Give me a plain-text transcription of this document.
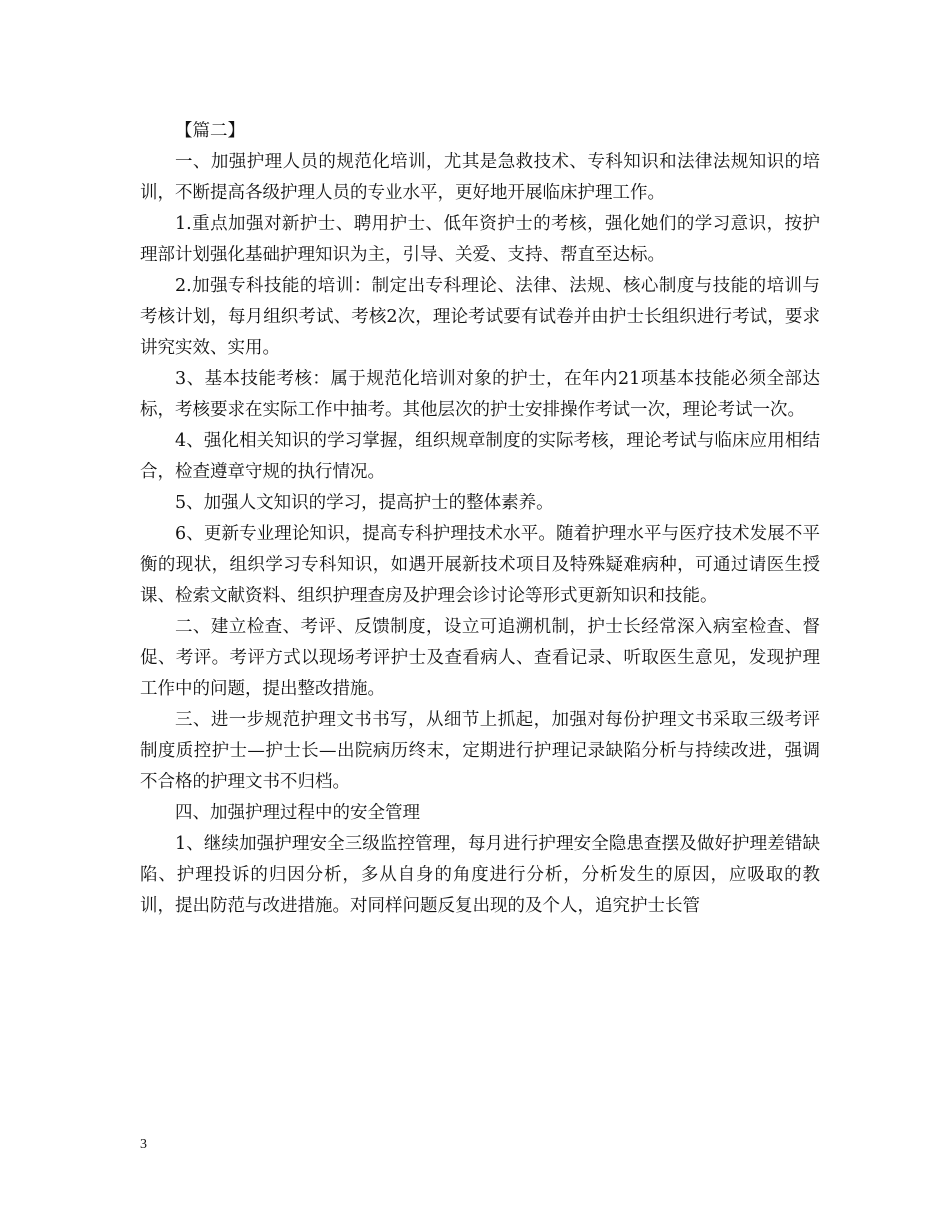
【篇二】

一、加强护理人员的规范化培训，尤其是急救技术、专科知识和法律法规知识的培训，不断提高各级护理人员的专业水平，更好地开展临床护理工作。

1.重点加强对新护士、聘用护士、低年资护士的考核，强化她们的学习意识，按护理部计划强化基础护理知识为主，引导、关爱、支持、帮直至达标。

2.加强专科技能的培训：制定出专科理论、法律、法规、核心制度与技能的培训与考核计划，每月组织考试、考核2次，理论考试要有试卷并由护士长组织进行考试，要求讲究实效、实用。

3、基本技能考核：属于规范化培训对象的护士，在年内21项基本技能必须全部达标，考核要求在实际工作中抽考。其他层次的护士安排操作考试一次，理论考试一次。

4、强化相关知识的学习掌握，组织规章制度的实际考核，理论考试与临床应用相结合，检查遵章守规的执行情况。

5、加强人文知识的学习，提高护士的整体素养。

6、更新专业理论知识，提高专科护理技术水平。随着护理水平与医疗技术发展不平衡的现状，组织学习专科知识，如遇开展新技术项目及特殊疑难病种，可通过请医生授课、检索文献资料、组织护理查房及护理会诊讨论等形式更新知识和技能。

二、建立检查、考评、反馈制度，设立可追溯机制，护士长经常深入病室检查、督促、考评。考评方式以现场考评护士及查看病人、查看记录、听取医生意见，发现护理工作中的问题，提出整改措施。

三、进一步规范护理文书书写，从细节上抓起，加强对每份护理文书采取三级考评制度质控护士—护士长—出院病历终末，定期进行护理记录缺陷分析与持续改进，强调不合格的护理文书不归档。

四、加强护理过程中的安全管理

1、继续加强护理安全三级监控管理，每月进行护理安全隐患查摆及做好护理差错缺陷、护理投诉的归因分析，多从自身的角度进行分析，分析发生的原因，应吸取的教训，提出防范与改进措施。对同样问题反复出现的及个人，追究护士长管

3
